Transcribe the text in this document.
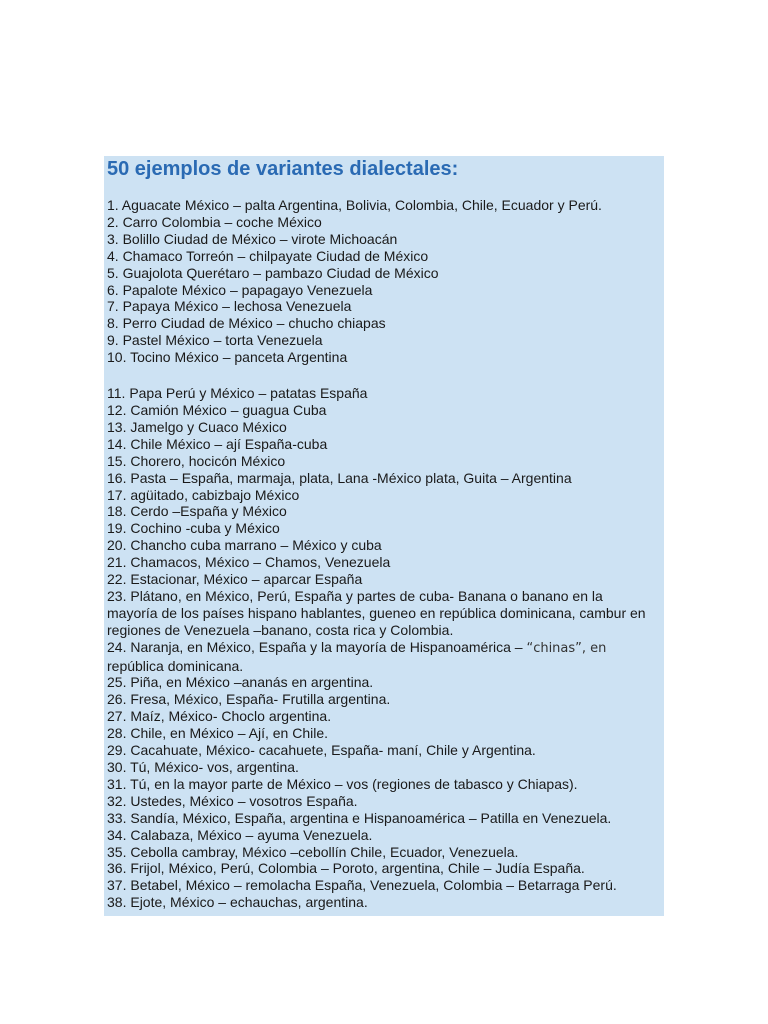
50 ejemplos de variantes dialectales:
1. Aguacate México – palta Argentina, Bolivia, Colombia, Chile, Ecuador y Perú.
2. Carro Colombia – coche México
3. Bolillo Ciudad de México – virote Michoacán
4. Chamaco Torreón – chilpayate Ciudad de México
5. Guajolota Querétaro – pambazo Ciudad de México
6. Papalote México – papagayo Venezuela
7. Papaya México – lechosa Venezuela
8. Perro Ciudad de México – chucho chiapas
9. Pastel México – torta Venezuela
10. Tocino México – panceta Argentina
11. Papa Perú y México – patatas España
12. Camión México – guagua Cuba
13. Jamelgo y Cuaco México
14. Chile México – ají España-cuba
15. Chorero, hocicón México
16. Pasta – España, marmaja, plata, Lana -México plata, Guita – Argentina
17. agüitado, cabizbajo México
18. Cerdo –España y México
19. Cochino -cuba y México
20. Chancho cuba marrano – México y cuba
21. Chamacos, México – Chamos, Venezuela
22. Estacionar, México – aparcar España
23. Plátano, en México, Perú, España y partes de cuba- Banana o banano en la mayoría de los países hispano hablantes, gueneo en república dominicana, cambur en regiones de Venezuela –banano, costa rica y Colombia.
24. Naranja, en México, España y la mayoría de Hispanoamérica – “chinas”, en república dominicana.
25. Piña, en México –ananás en argentina.
26. Fresa, México, España- Frutilla argentina.
27. Maíz, México- Choclo argentina.
28. Chile, en México – Ají, en Chile.
29. Cacahuate, México- cacahuete, España- maní, Chile y Argentina.
30. Tú, México- vos, argentina.
31. Tú, en la mayor parte de México – vos (regiones de tabasco y Chiapas).
32. Ustedes, México – vosotros España.
33. Sandía, México, España, argentina e Hispanoamérica – Patilla en Venezuela.
34. Calabaza, México – ayuma Venezuela.
35. Cebolla cambray, México –cebollín Chile, Ecuador, Venezuela.
36. Frijol, México, Perú, Colombia – Poroto, argentina, Chile – Judía España.
37. Betabel, México – remolacha España, Venezuela, Colombia – Betarraga Perú.
38. Ejote, México – echauchas, argentina.
